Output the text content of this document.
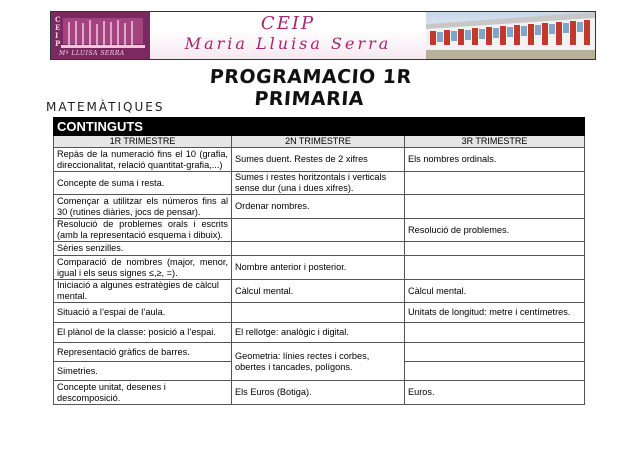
C
E
I
P
Mª LLUISA SERRA
CEIP
Maria Lluisa Serra
PROGRAMACIO 1R PRIMARIA
MATEMÀTIQUES
CONTINGUTS		
1R TRIMESTRE	2N TRIMESTRE	3R TRIMESTRE
Repàs de la numeració fins el 10 (grafia, direccionalitat, relació quantitat-grafia,...)	Sumes duent. Restes de 2 xifres	Els nombres ordinals.
Concepte de suma i resta.	Sumes i restes horitzontals i verticals sense dur (una i dues xifres).	
Començar a utilitzar els números fins al 30 (rutines diàries, jocs de pensar).	Ordenar nombres.	
Resolució de problemes orals i escrits (amb la representació esquema i dibuix).		Resolució de problemes.
Sèries senzilles.		
Comparació de nombres (major, menor, igual i els seus signes ≤,≥, =).	Nombre anterior i posterior.	
Iniciació a algunes estratègies de càlcul mental.	Càlcul mental.	Càlcul mental.
Situació a l’espai de l’aula.		Unitats de longitud: metre i centímetres.
El plànol de la classe: posició a l’espai.	El rellotge: analògic i digital.	
Representació gràfics de barres.	Geometria: línies rectes i corbes, obertes i tancades, polígons.	
Simetries.		
Concepte unitat, desenes i descomposició.	Els Euros (Botiga).	Euros.
